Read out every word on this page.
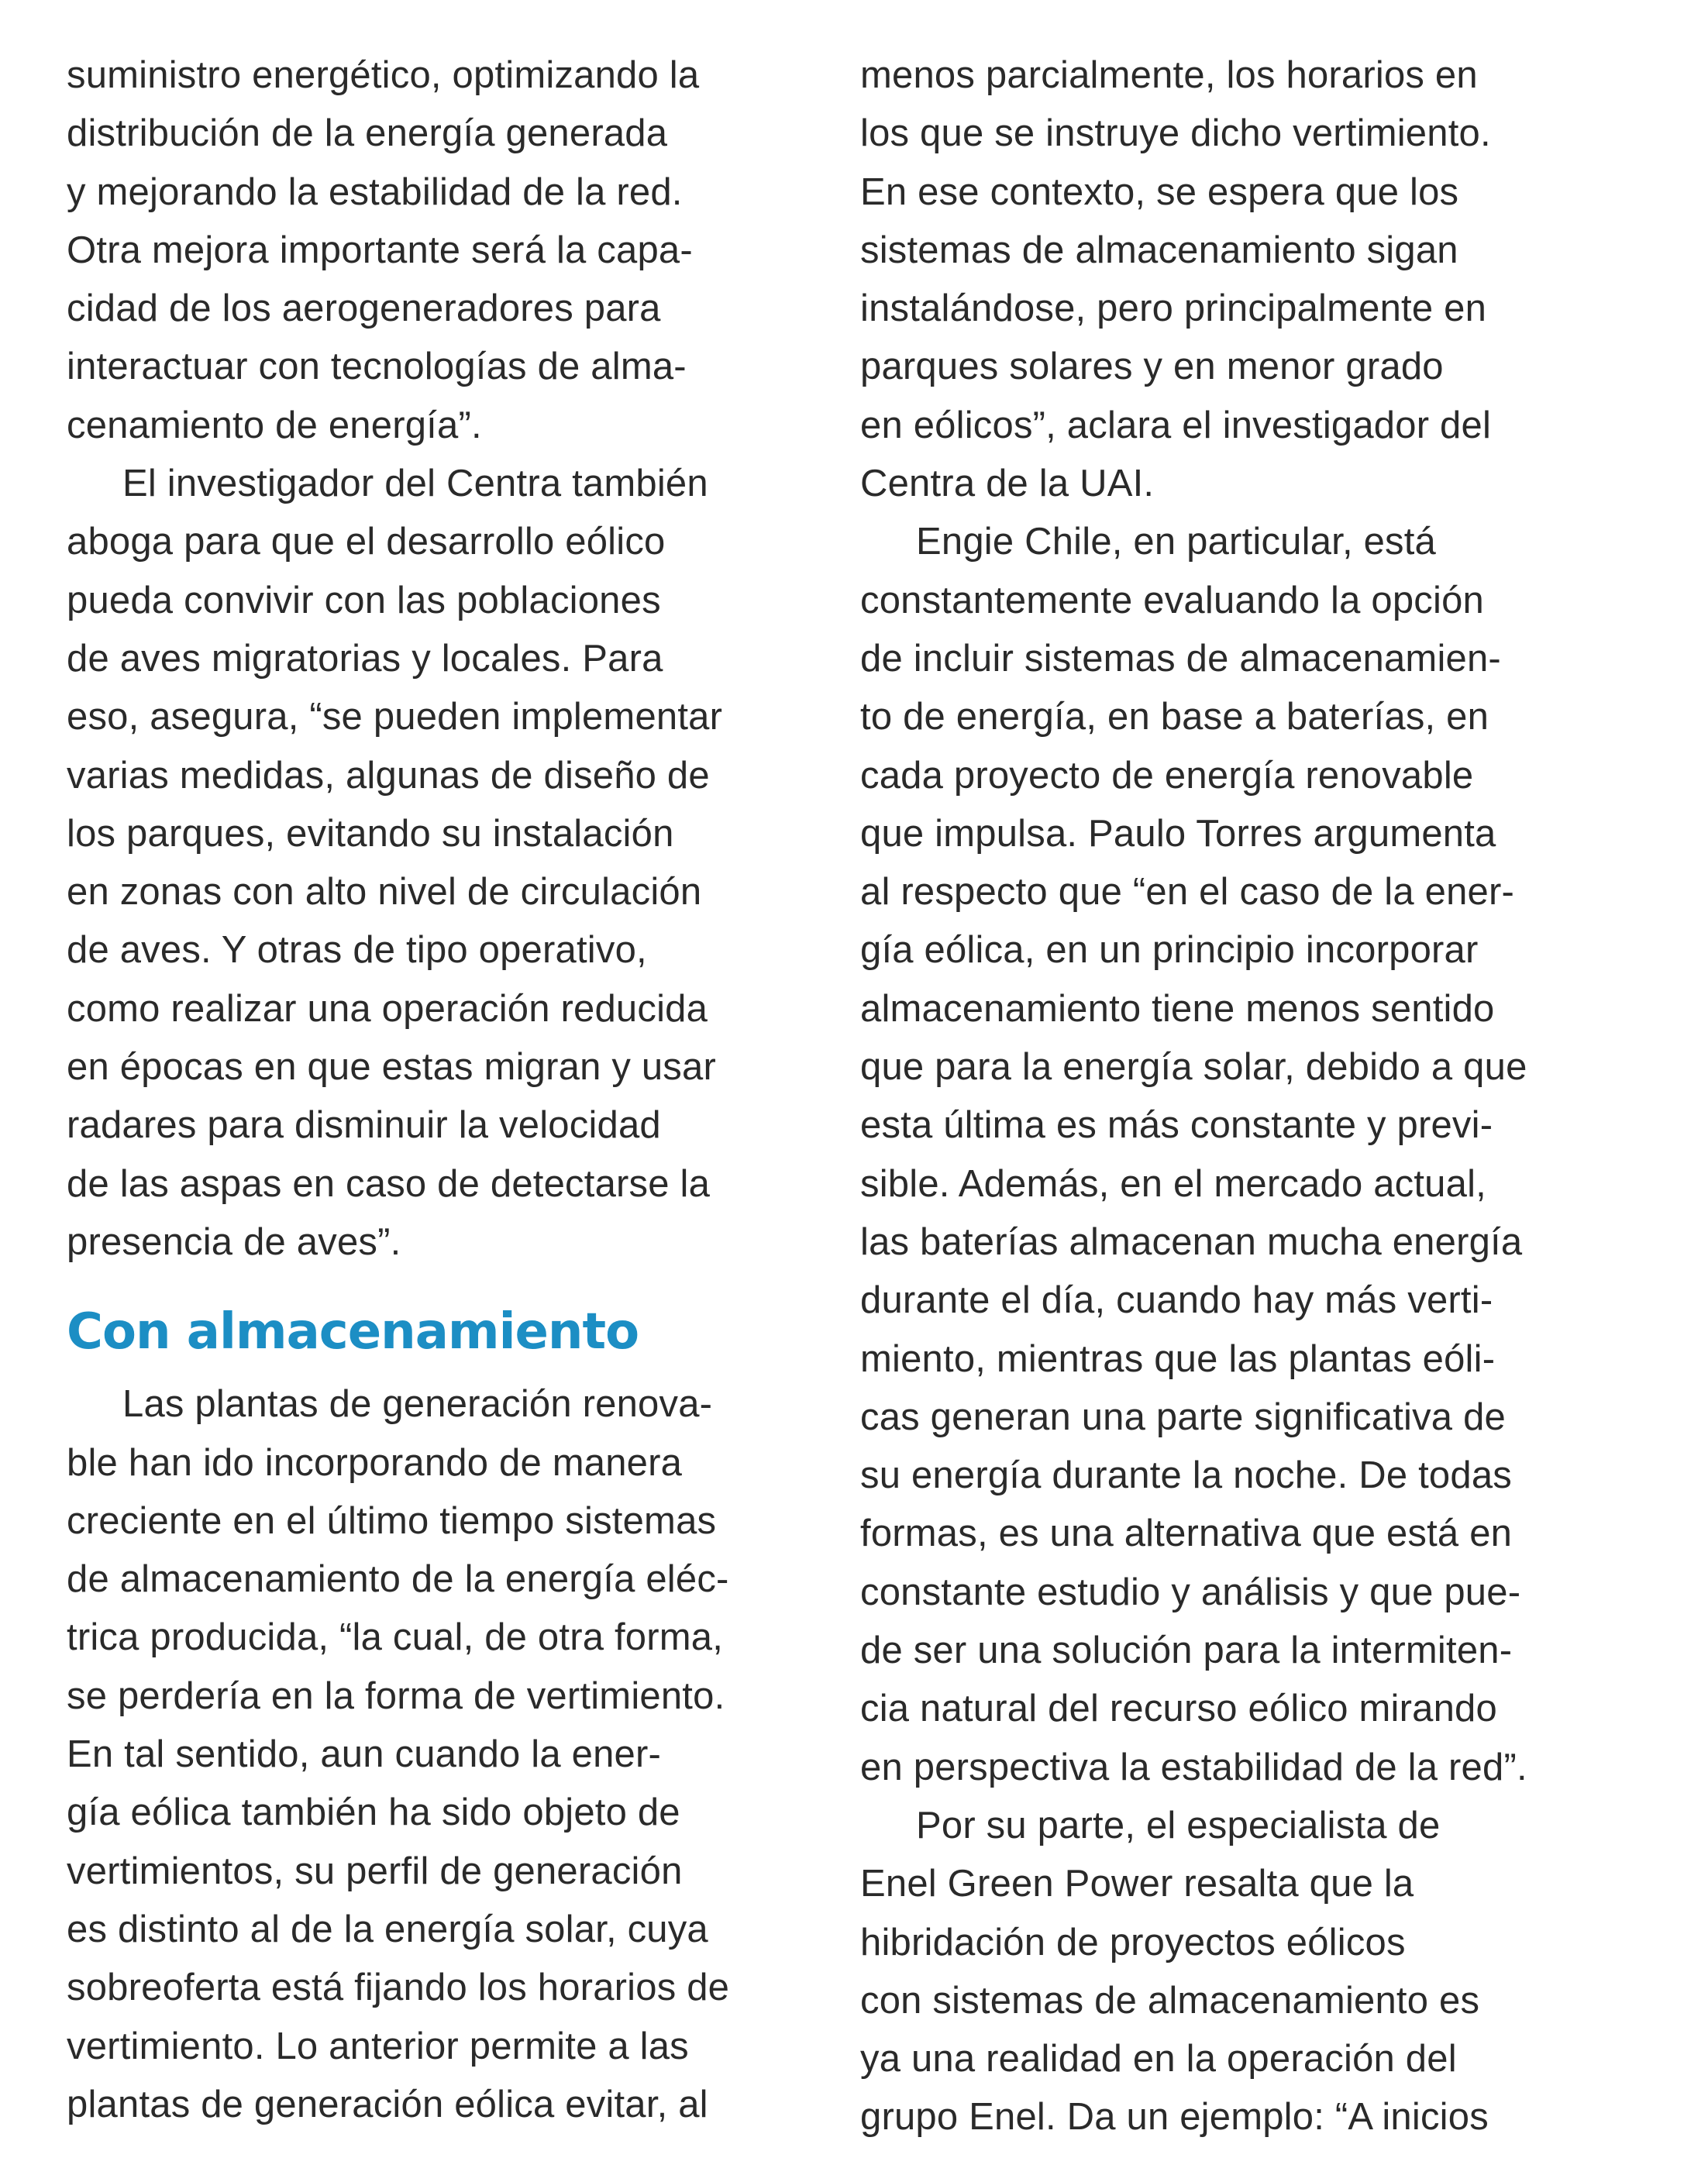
suministro energético, optimizando la
distribución de la energía generada
y mejorando la estabilidad de la red.
Otra mejora importante será la capa-
cidad de los aerogeneradores para
interactuar con tecnologías de alma-
cenamiento de energía”.
El investigador del Centra también
aboga para que el desarrollo eólico
pueda convivir con las poblaciones
de aves migratorias y locales. Para
eso, asegura, “se pueden implementar
varias medidas, algunas de diseño de
los parques, evitando su instalación
en zonas con alto nivel de circulación
de aves. Y otras de tipo operativo,
como realizar una operación reducida
en épocas en que estas migran y usar
radares para disminuir la velocidad
de las aspas en caso de detectarse la
presencia de aves”.
Con almacenamiento
Las plantas de generación renova-
ble han ido incorporando de manera
creciente en el último tiempo sistemas
de almacenamiento de la energía eléc-
trica producida, “la cual, de otra forma,
se perdería en la forma de vertimiento.
En tal sentido, aun cuando la ener-
gía eólica también ha sido objeto de
vertimientos, su perfil de generación
es distinto al de la energía solar, cuya
sobreoferta está fijando los horarios de
vertimiento. Lo anterior permite a las
plantas de generación eólica evitar, al
menos parcialmente, los horarios en
los que se instruye dicho vertimiento.
En ese contexto, se espera que los
sistemas de almacenamiento sigan
instalándose, pero principalmente en
parques solares y en menor grado
en eólicos”, aclara el investigador del
Centra de la UAI.
Engie Chile, en particular, está
constantemente evaluando la opción
de incluir sistemas de almacenamien-
to de energía, en base a baterías, en
cada proyecto de energía renovable
que impulsa. Paulo Torres argumenta
al respecto que “en el caso de la ener-
gía eólica, en un principio incorporar
almacenamiento tiene menos sentido
que para la energía solar, debido a que
esta última es más constante y previ-
sible. Además, en el mercado actual,
las baterías almacenan mucha energía
durante el día, cuando hay más verti-
miento, mientras que las plantas eóli-
cas generan una parte significativa de
su energía durante la noche. De todas
formas, es una alternativa que está en
constante estudio y análisis y que pue-
de ser una solución para la intermiten-
cia natural del recurso eólico mirando
en perspectiva la estabilidad de la red”.
Por su parte, el especialista de
Enel Green Power resalta que la
hibridación de proyectos eólicos
con sistemas de almacenamiento es
ya una realidad en la operación del
grupo Enel. Da un ejemplo: “A inicios
